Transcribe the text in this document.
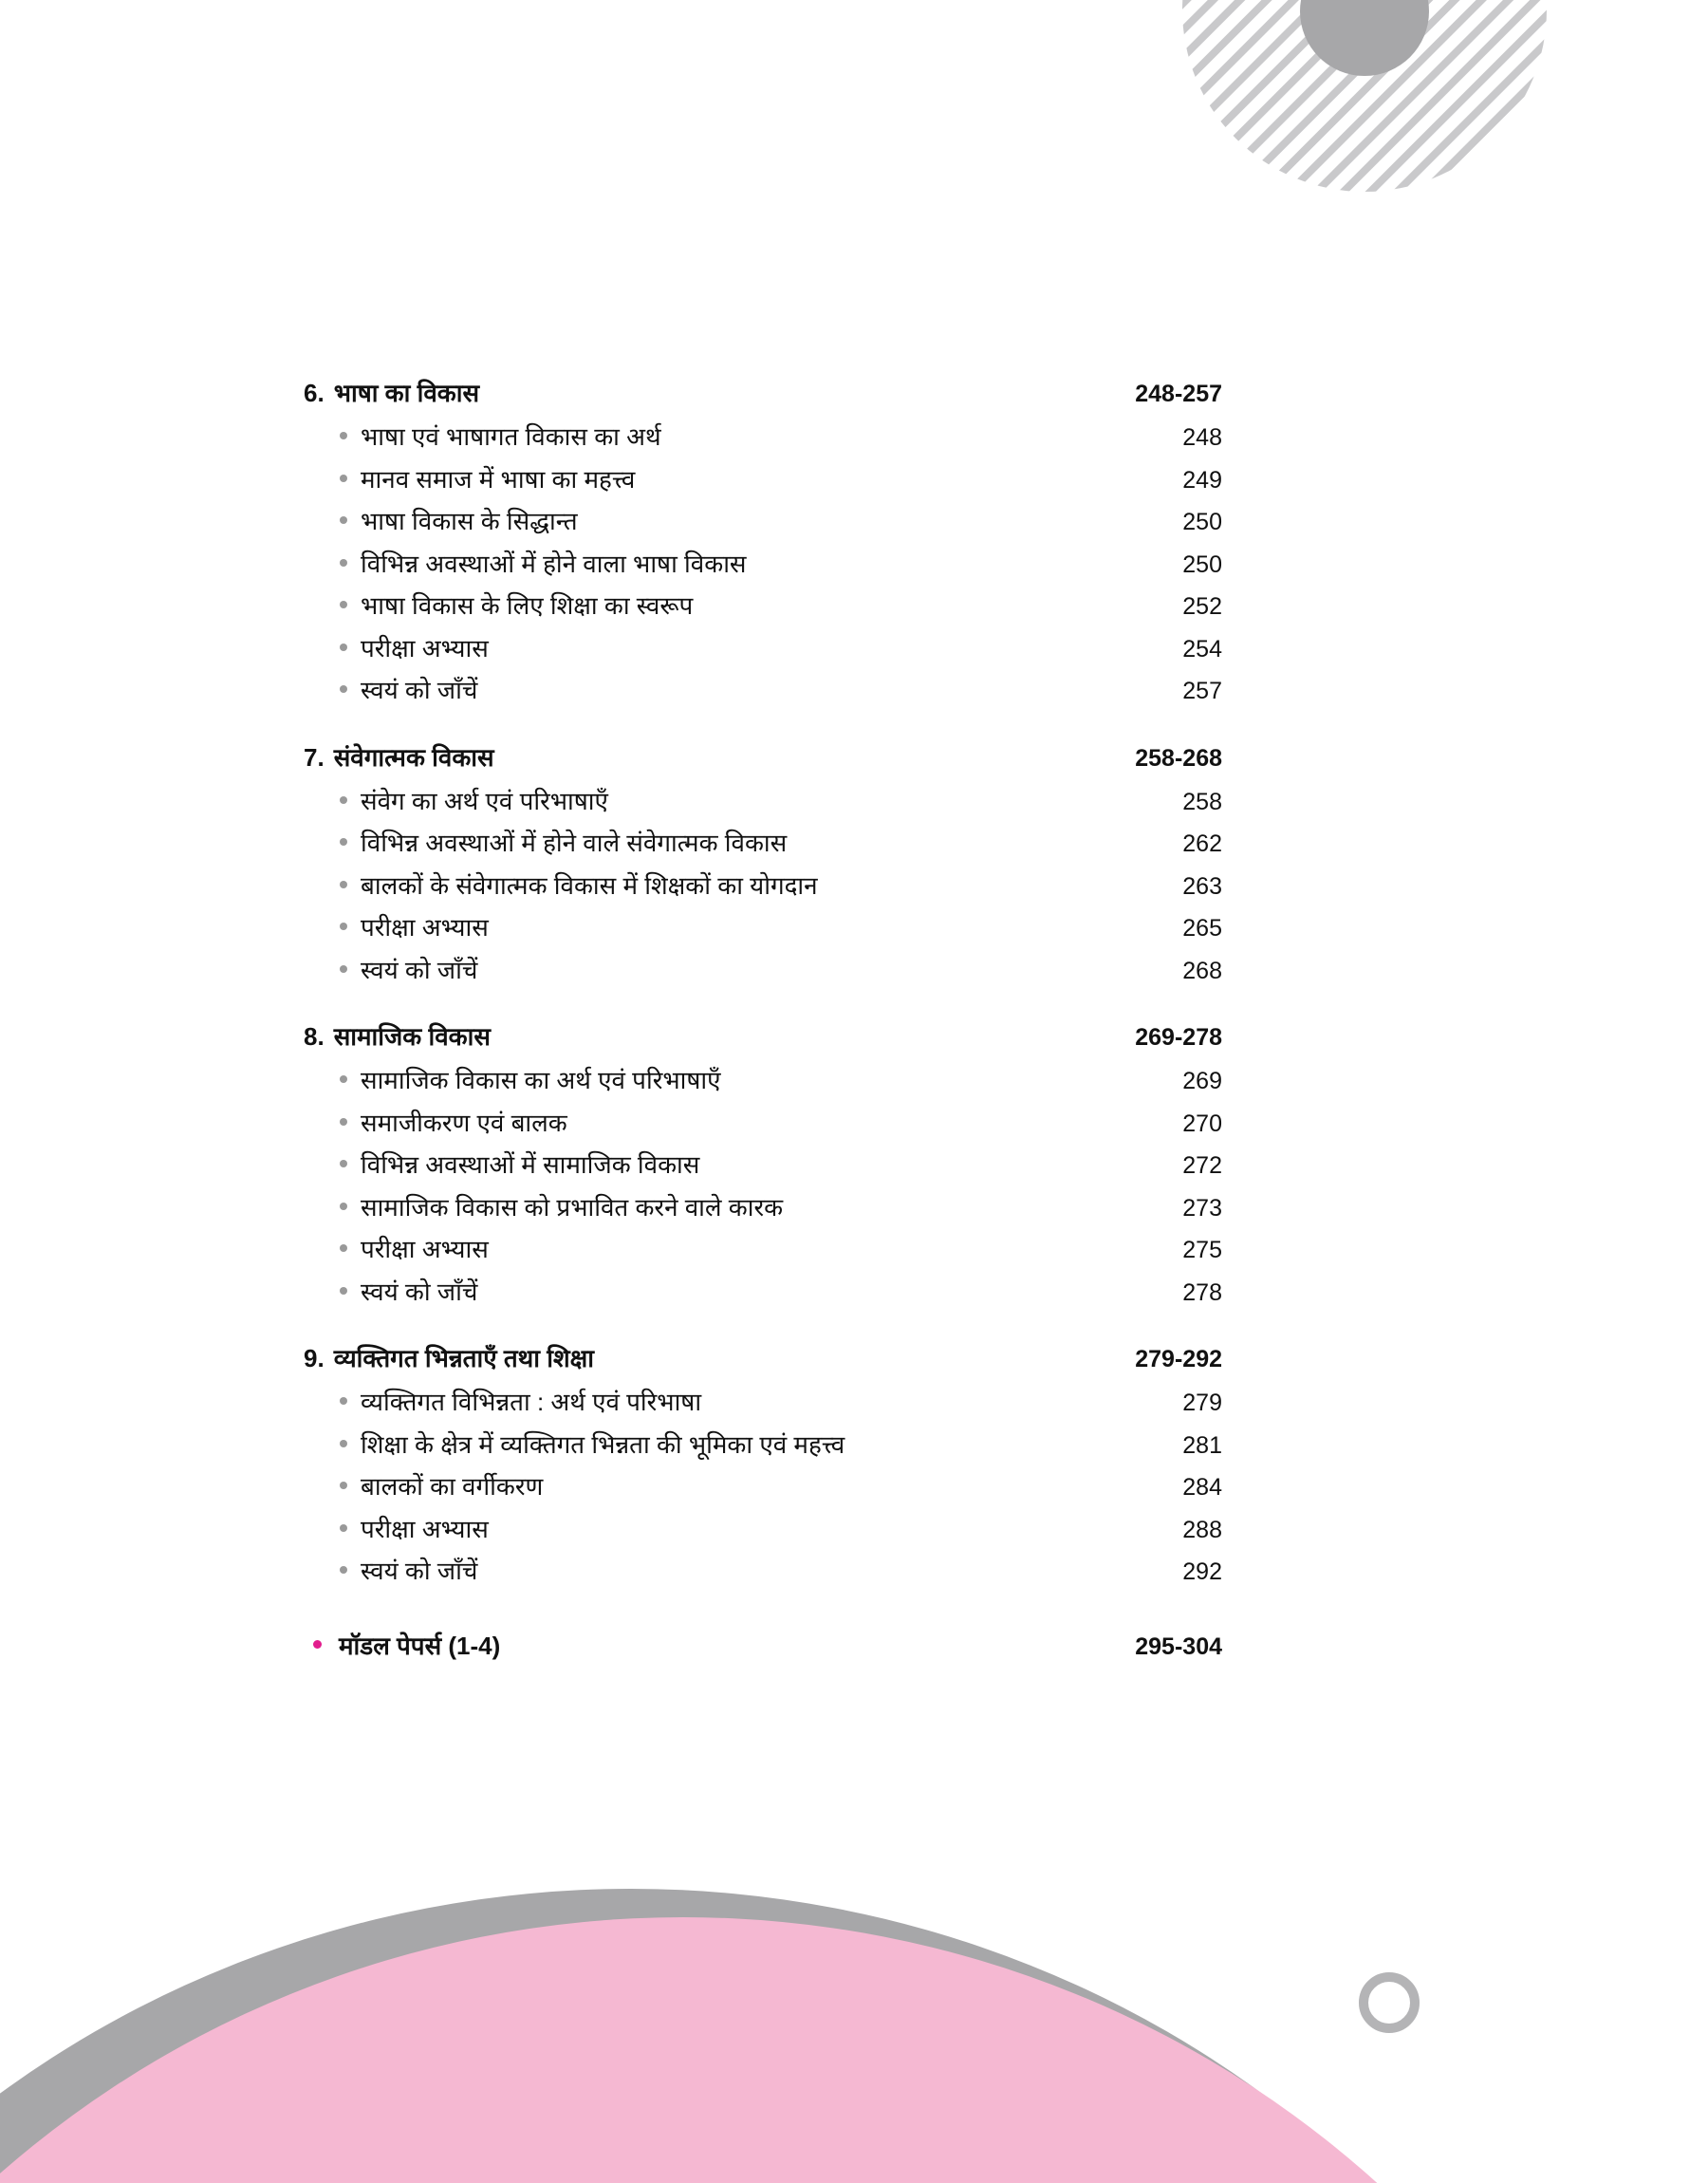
6. भाषा का विकास	248-257
भाषा एवं भाषागत विकास का अर्थ	248
मानव समाज में भाषा का महत्त्व	249
भाषा विकास के सिद्धान्त	250
विभिन्न अवस्थाओं में होने वाला भाषा विकास	250
भाषा विकास के लिए शिक्षा का स्वरूप	252
परीक्षा अभ्यास	254
स्वयं को जाँचें	257
7. संवेगात्मक विकास	258-268
संवेग का अर्थ एवं परिभाषाएँ	258
विभिन्न अवस्थाओं में होने वाले संवेगात्मक विकास	262
बालकों के संवेगात्मक विकास में शिक्षकों का योगदान	263
परीक्षा अभ्यास	265
स्वयं को जाँचें	268
8. सामाजिक विकास	269-278
सामाजिक विकास का अर्थ एवं परिभाषाएँ	269
समाजीकरण एवं बालक	270
विभिन्न अवस्थाओं में सामाजिक विकास	272
सामाजिक विकास को प्रभावित करने वाले कारक	273
परीक्षा अभ्यास	275
स्वयं को जाँचें	278
9. व्यक्तिगत भिन्नताएँ तथा शिक्षा	279-292
व्यक्तिगत विभिन्नता : अर्थ एवं परिभाषा	279
शिक्षा के क्षेत्र में व्यक्तिगत भिन्नता की भूमिका एवं महत्त्व	281
बालकों का वर्गीकरण	284
परीक्षा अभ्यास	288
स्वयं को जाँचें	292
मॉडल पेपर्स (1-4)	295-304
